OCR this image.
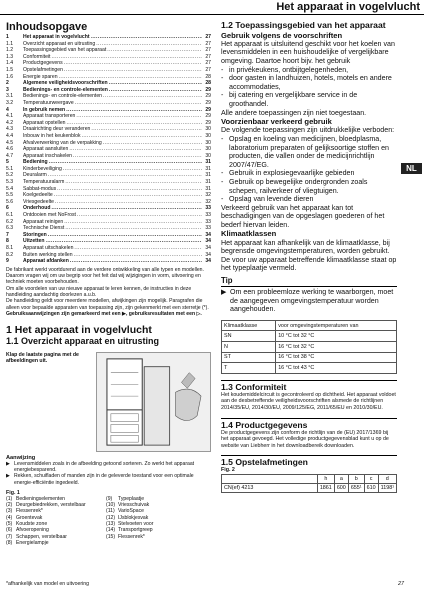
Het apparaat in vogelvlucht
NL
Inhoudsopgave
1	Het apparaat in vogelvlucht .....	27
1.1	Overzicht apparaat en uitrusting .....	27
1.2	Toepassingsgebied van het apparaat .....	27
1.3	Conformiteit .....	27
1.4	Productgegevens .....	27
1.5	Opstelafmetingen .....	27
1.6	Energie sparen .....	28
2	Algemene veiligheidsvoorschriften .....	28
3	Bedienings- en controle-elementen .....	29
3.1	Bedienings- en controle-elementen .....	29
3.2	Temperatuurweergave .....	29
4	In gebruik nemen .....	29
4.1	Apparaat transporteren .....	29
4.2	Apparaat opstellen .....	29
4.3	Draairichting deur veranderen .....	30
4.4	Inbouw in het keukenblok .....	30
4.5	Afvalverwerking van de verpakking .....	30
4.6	Apparaat aansluiten .....	30
4.7	Apparaat inschakelen .....	30
5	Bediening .....	31
5.1	Kinderbeveiliging .....	31
5.2	Deuralarm .....	31
5.3	Temperatuuralarm .....	31
5.4	Sabbat-modus .....	31
5.5	Koelgedeelte .....	32
5.6	Vriesgedeelte .....	32
6	Onderhoud .....	33
6.1	Ontdooien met NoFrost .....	33
6.2	Apparaat reinigen .....	33
6.3	Technische Dienst .....	33
7	Storingen .....	34
8	Uitzetten .....	34
8.1	Apparaat uitschakelen .....	34
8.2	Buiten werking stellen .....	34
9	Apparaat afdanken .....	34

De fabrikant werkt voortdurend aan de verdere ontwikkeling van alle typen en modellen. Daarom vragen wij om uw begrip voor het feit dat wij wijzigingen in vorm, uitvoering en techniek moeten voorbehouden.

Om alle voordelen van uw nieuwe apparaat te leren kennen, de instructies in deze handleiding aandachtig doorlezen a.u.b.

De handleiding geldt voor meerdere modellen, afwijkingen zijn mogelijk. Paragrafen die alleen voor bepaalde apparaten van toepassing zijn, zijn gekenmerkt met een sterretje (*).

Gebruiksaanwijzingen zijn gemarkeerd met een ▶, gebruiksresultaten met een ▷.

1 Het apparaat in vogelvlucht
1.1 Overzicht apparaat en uitrusting
Klap de laatste pagina met de afbeeldingen uit.
Aanwijzing
▶ Levensmiddelen zoals in de afbeelding getoond sorteren. Zo werkt het apparaat energiebesparend.
▶ Rekken, schuifladen of manden zijn in de geleverde toestand voor een optimale energie-efficiëntie ingedeeld.
Fig. 1
(1) Bedieningselementen	(9)	Typeplaatje
(2) Deurgebiedrekken, verstelbaar	(10) Vriesschuivak
(3) Flessenrek*	(11) VarioSpace
(4) Groentevak	(12) IJsblokjesvak
(5) Koudste zone	(13) Stelvoeten voor
(6) Afvoeropening	(14) Transportgreep
(7) Schappen, verstelbaar	(15) Flessenrek*
(8) Energielampje
*afhankelijk van model en uitvoering	27
1.2 Toepassingsgebied van het apparaat
Gebruik volgens de voorschriften
Het apparaat is uitsluitend geschikt voor het koelen van levensmiddelen in een huishoudelijke of vergelijkbare omgeving. Daartoe hoort bijv. het gebruik
- in privékeukens, ontbijtgelegenheden,
- door gasten in landhuizen, hotels, motels en andere accommodaties,
- bij catering en vergelijkbare service in de groothandel.
Alle andere toepassingen zijn niet toegestaan.
Voorzienbaar verkeerd gebruik
De volgende toepassingen zijn uitdrukkelijke verboden:
- Opslag en koeling van medicijnen, bloedplasma, laboratorium preparaten of gelijksoortige stoffen en producten, die vallen onder de medicijnrichtlijn 2007/47/EG.
- Gebruik in explosiegevaarlijke gebieden
- Gebruik op bewegelijke ondergronden zoals schepen, railverkeer of vliegtuigen.
- Opslag van levende dieren
Verkeerd gebruik van het apparaat kan tot beschadigingen van de opgeslagen goederen of het bederf hiervan leiden.
Klimaatklassen
Het apparaat kan afhankelijk van de klimaatklasse, bij begrensde omgevingstemperaturen, worden gebruikt. De voor uw apparaat betreffende klimaatklasse staat op het typeplaatje vermeld.
Tip
▶ Om een probleemloze werking te waarborgen, moet de aangegeven omgevingstemperatuur worden aangehouden.
Klimaatklasse	voor omgevingstemperaturen van
SN	10 °C tot 32 °C
N	16 °C tot 32 °C
ST	16 °C tot 38 °C
T	16 °C tot 43 °C
1.3 Conformiteit
Het koudemiddelcircuit is gecontroleerd op dichtheid. Het apparaat voldoet aan de desbetreffende veiligheidsvoorschriften alsmede de richtlijnen 2014/35/EU, 2014/30/EU, 2009/125/EG, 2011/65/EU en 2010/30/EU.
1.4 Productgegevens
De productgegevens zijn conform de richtlijn van de (EU) 2017/1369 bij het apparaat gevoegd. Het volledige productgegevensblad kunt u op de website van Liebherr in het downloadbereik downloaden.
1.5 Opstelafmetingen
Fig. 2
	h	a	b	c	d
CN(ef) 4213	1861	600	655¹	610	1198¹
